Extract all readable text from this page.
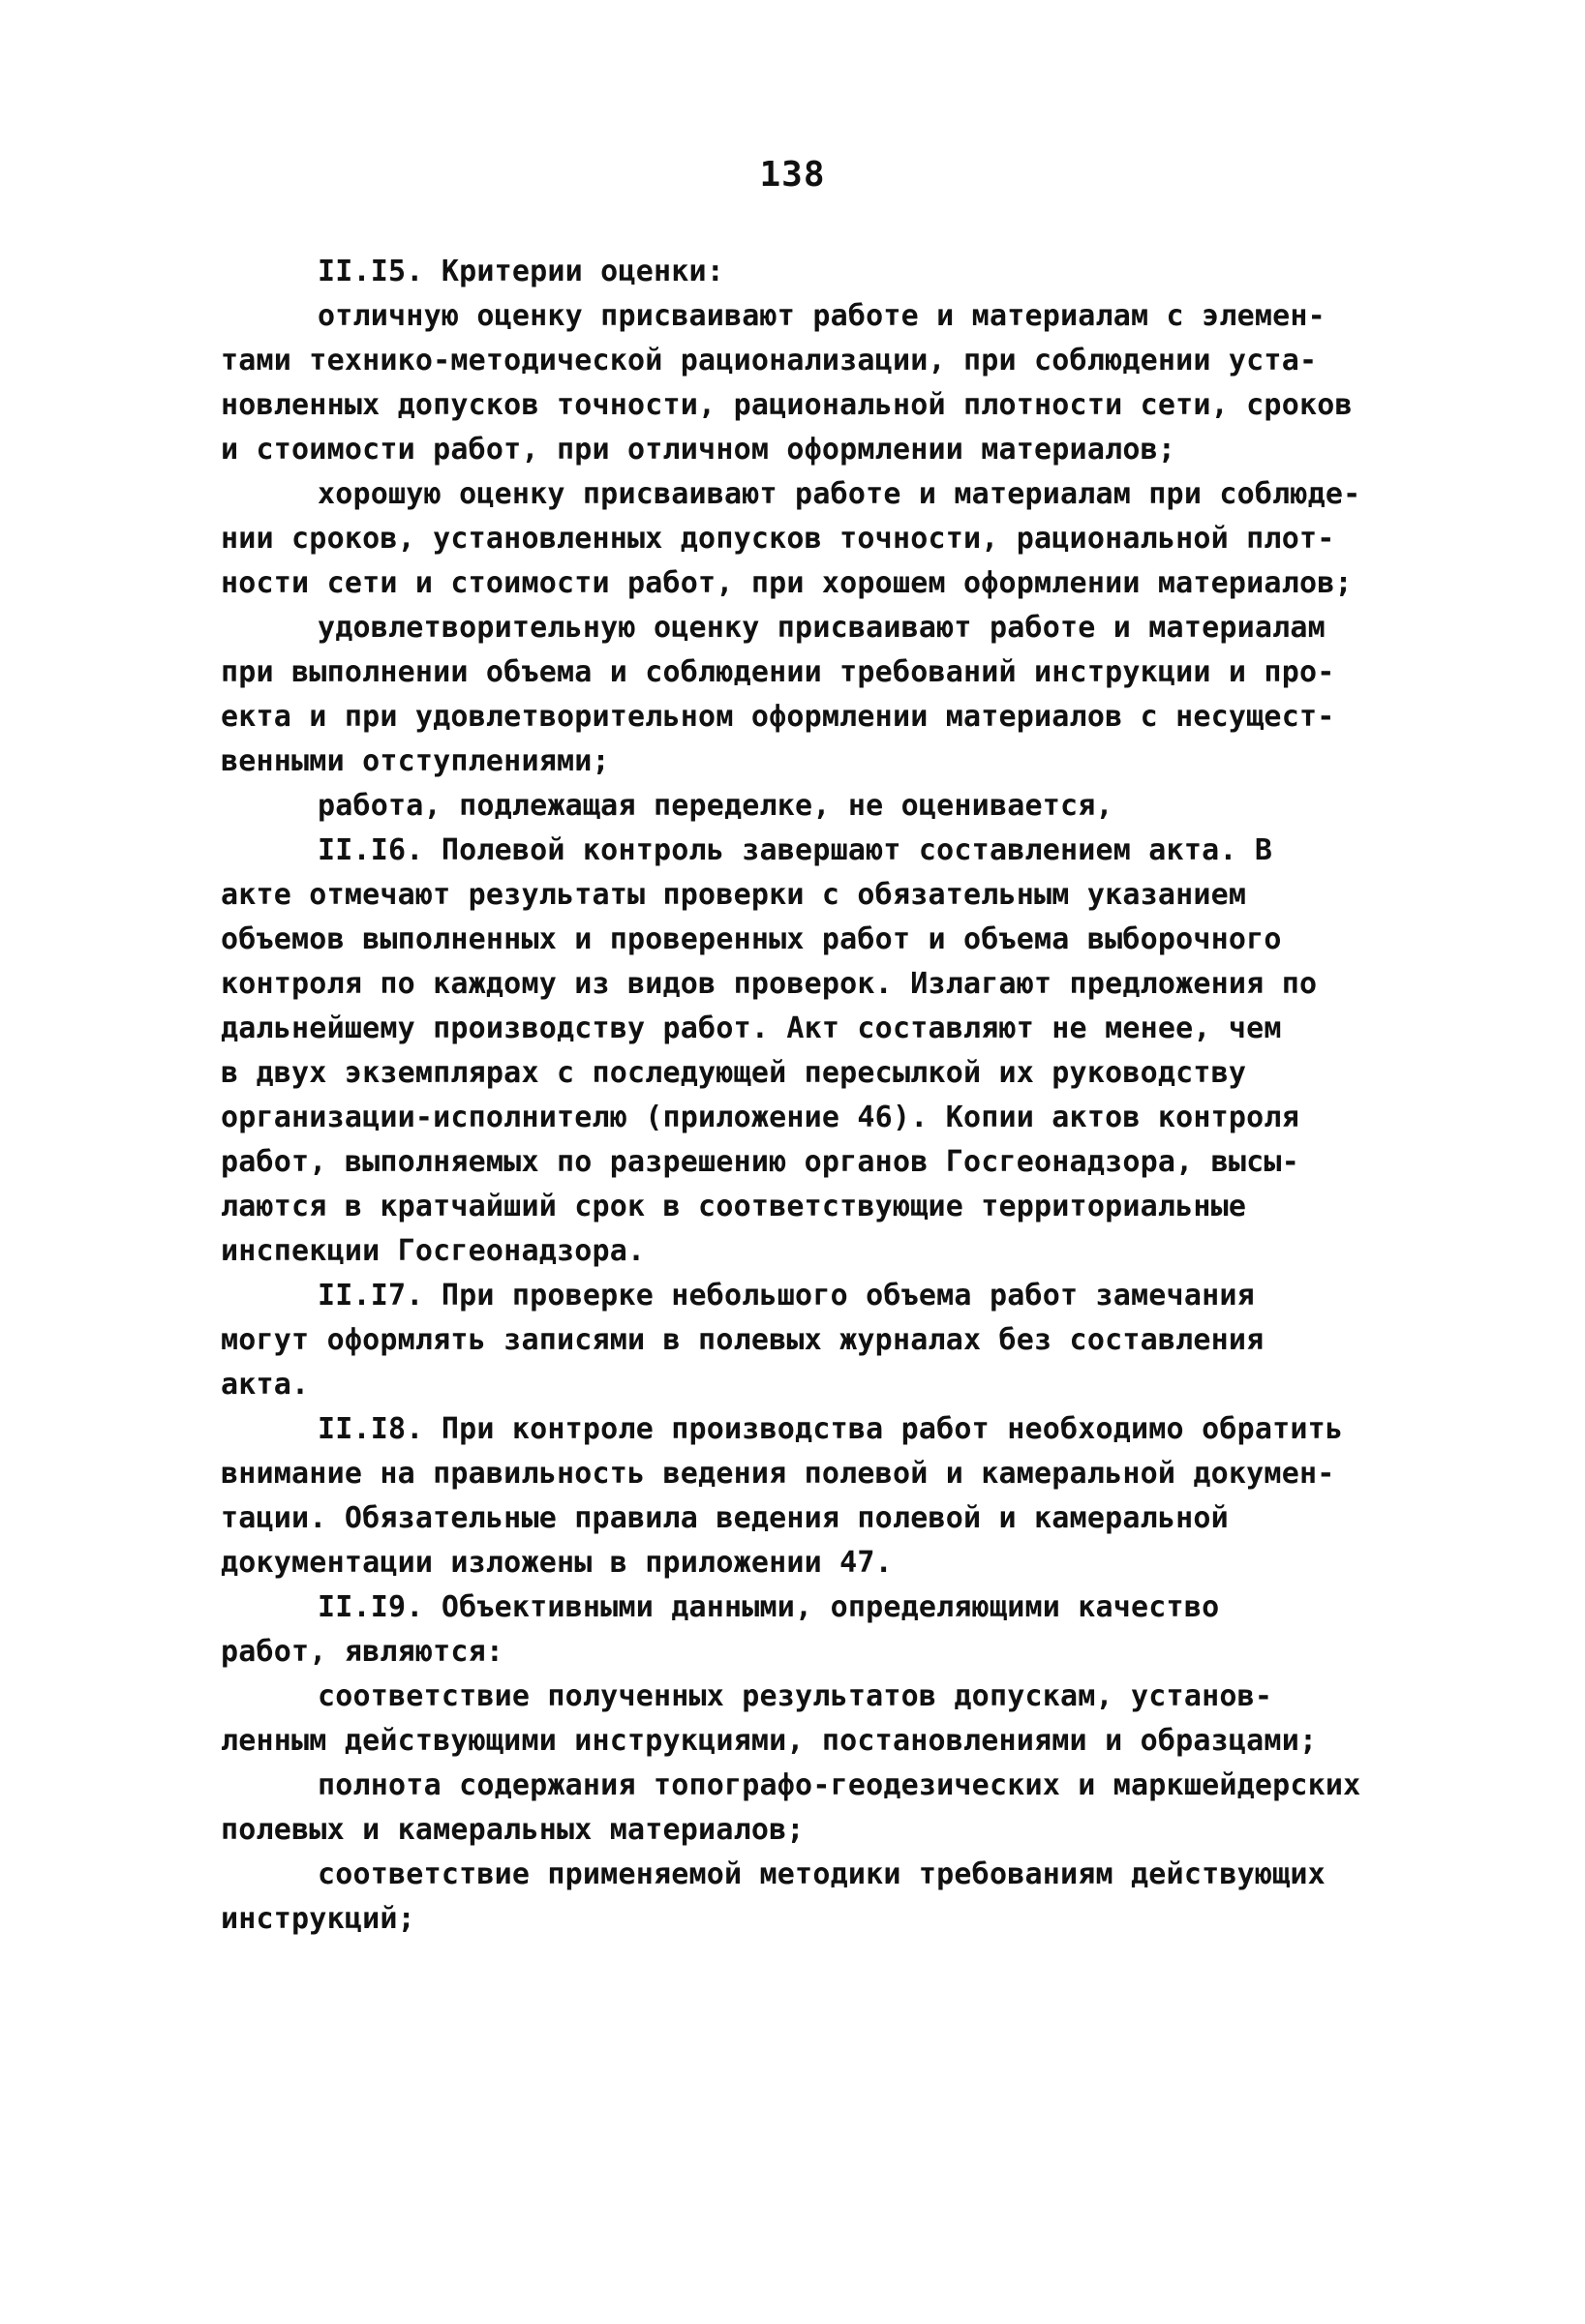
138
II.I5. Критерии оценки:
отличную оценку присваивают работе и материалам с элемен-
тами технико-методической рационализации, при соблюдении уста-
новленных допусков точности, рациональной плотности сети, сроков
и стоимости работ, при отличном оформлении материалов;
хорошую оценку присваивают работе и материалам при соблюде-
нии сроков, установленных допусков точности, рациональной плот-
ности сети и стоимости работ, при хорошем оформлении материалов;
удовлетворительную оценку присваивают работе и материалам
при выполнении объема и соблюдении требований инструкции и про-
екта и при удовлетворительном оформлении материалов с несущест-
венными отступлениями;
работа, подлежащая переделке, не оценивается,
II.I6. Полевой контроль завершают составлением акта. В
акте отмечают результаты проверки с обязательным указанием
объемов выполненных и проверенных работ и объема выборочного
контроля по каждому из видов проверок. Излагают предложения по
дальнейшему производству работ. Акт составляют не менее, чем
в двух экземплярах с последующей пересылкой их руководству
организации-исполнителю (приложение 46). Копии актов контроля
работ, выполняемых по разрешению органов Госгеонадзора, высы-
лаются в кратчайший срок в соответствующие территориальные
инспекции Госгеонадзора.
II.I7. При проверке небольшого объема работ замечания
могут оформлять записями в полевых журналах без составления
акта.
II.I8. При контроле производства работ необходимо обратить
внимание на правильность ведения полевой и камеральной докумен-
тации. Обязательные правила ведения полевой и камеральной
документации изложены в приложении 47.
II.I9. Объективными данными, определяющими качество
работ, являются:
соответствие полученных результатов допускам, установ-
ленным действующими инструкциями, постановлениями и образцами;
полнота содержания топографо-геодезических и маркшейдерских
полевых и камеральных материалов;
соответствие применяемой методики требованиям действующих
инструкций;
